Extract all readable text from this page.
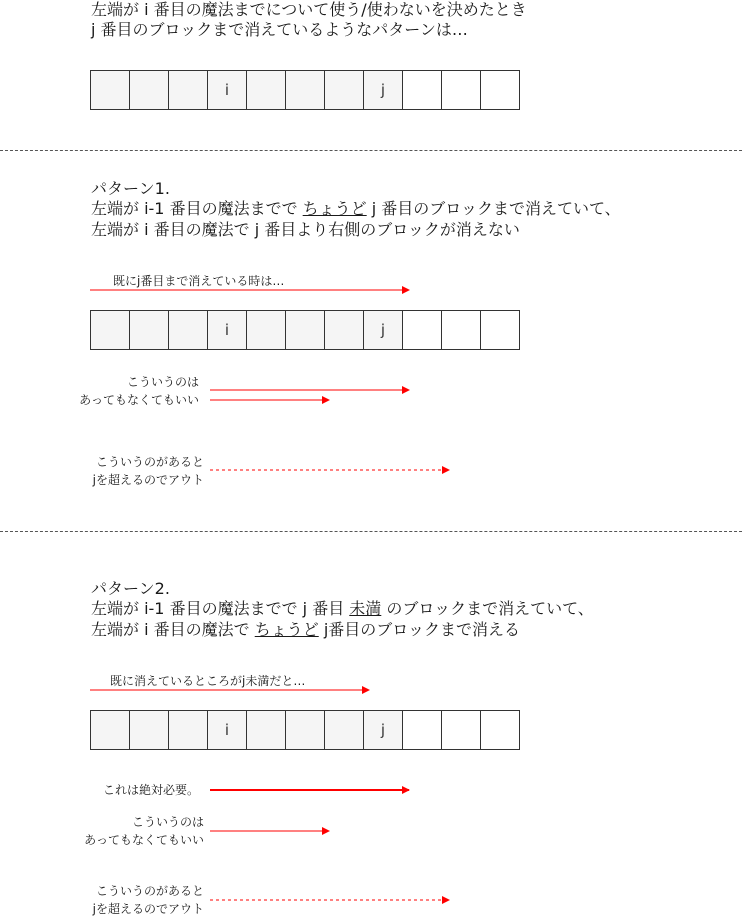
左端が i 番目の魔法までについて使う/使わないを決めたとき
j 番目のブロックまで消えているようなパターンは…
i	j
パターン1.
左端が i-1 番目の魔法までで ちょうど j 番目のブロックまで消えていて、
左端が i 番目の魔法で j 番目より右側のブロックが消えない
既にj番目まで消えている時は…
i	j
こういうのは
あってもなくてもいい
こういうのがあると
jを超えるのでアウト
パターン2.
左端が i-1 番目の魔法までで j 番目 未満 のブロックまで消えていて、
左端が i 番目の魔法で ちょうど j番目のブロックまで消える
既に消えているところがj未満だと…
i	j
これは絶対必要。
こういうのは
あってもなくてもいい
こういうのがあると
jを超えるのでアウト
